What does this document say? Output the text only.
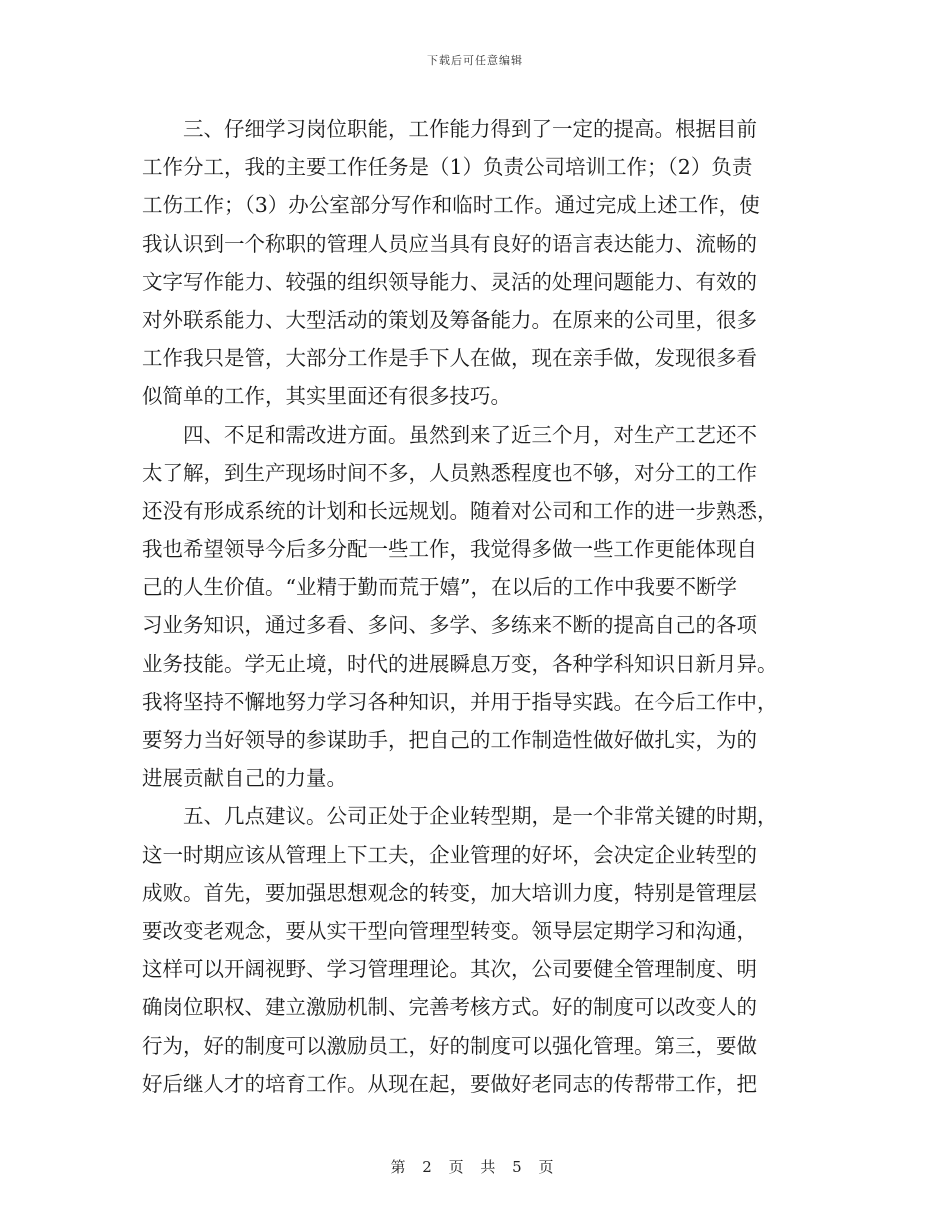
下载后可任意编辑
　　三、仔细学习岗位职能，工作能力得到了一定的提高。根据目前
工作分工，我的主要工作任务是（1）负责公司培训工作；（2）负责
工伤工作；（3）办公室部分写作和临时工作。通过完成上述工作，使
我认识到一个称职的管理人员应当具有良好的语言表达能力、流畅的
文字写作能力、较强的组织领导能力、灵活的处理问题能力、有效的
对外联系能力、大型活动的策划及筹备能力。在原来的公司里，很多
工作我只是管，大部分工作是手下人在做，现在亲手做，发现很多看
似简单的工作，其实里面还有很多技巧。
　　四、不足和需改进方面。虽然到来了近三个月，对生产工艺还不
太了解，到生产现场时间不多，人员熟悉程度也不够，对分工的工作
还没有形成系统的计划和长远规划。随着对公司和工作的进一步熟悉，
我也希望领导今后多分配一些工作，我觉得多做一些工作更能体现自
己的人生价值。“业精于勤而荒于嬉”，在以后的工作中我要不断学
习业务知识，通过多看、多问、多学、多练来不断的提高自己的各项
业务技能。学无止境，时代的进展瞬息万变，各种学科知识日新月异。
我将坚持不懈地努力学习各种知识，并用于指导实践。在今后工作中，
要努力当好领导的参谋助手，把自己的工作制造性做好做扎实，为的
进展贡献自己的力量。
　　五、几点建议。公司正处于企业转型期，是一个非常关键的时期，
这一时期应该从管理上下工夫，企业管理的好坏，会决定企业转型的
成败。首先，要加强思想观念的转变，加大培训力度，特别是管理层
要改变老观念，要从实干型向管理型转变。领导层定期学习和沟通，
这样可以开阔视野、学习管理理论。其次，公司要健全管理制度、明
确岗位职权、建立激励机制、完善考核方式。好的制度可以改变人的
行为，好的制度可以激励员工，好的制度可以强化管理。第三，要做
好后继人才的培育工作。从现在起，要做好老同志的传帮带工作，把
第 2 页 共 5 页
